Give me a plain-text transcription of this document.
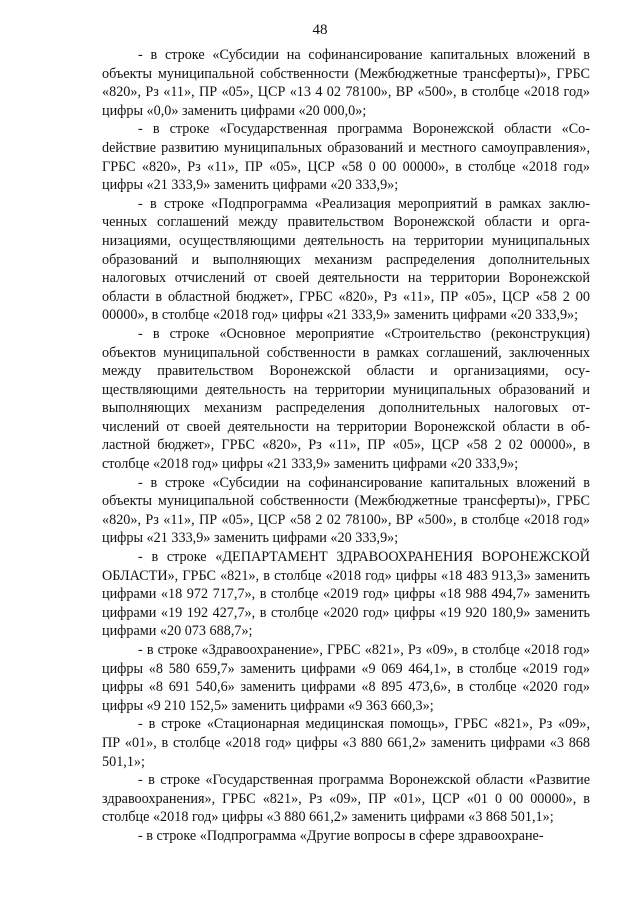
48

- в строке «Субсидии на софинансирование капитальных вложений в объекты муниципальной собственности (Межбюджетные трансферты)», ГРБС «820», Рз «11», ПР «05», ЦСР «13 4 02 78100», ВР «500», в столбце «2018 год» цифры «0,0» заменить цифрами «20 000,0»;

- в строке «Государственная программа Воронежской области «Соdействие развитию муниципальных образований и местного самоуправления», ГРБС «820», Рз «11», ПР «05», ЦСР «58 0 00 00000», в столбце «2018 год» цифры «21 333,9» заменить цифрами «20 333,9»;

- в строке «Подпрограмма «Реализация мероприятий в рамках заключенных соглашений между правительством Воронежской области и организациями, осуществляющими деятельность на территории муниципальных образований и выполняющих механизм распределения дополнительных налоговых отчислений от своей деятельности на территории Воронежской области в областной бюджет», ГРБС «820», Рз «11», ПР «05», ЦСР «58 2 00 00000», в столбце «2018 год» цифры «21 333,9» заменить цифрами «20 333,9»;

- в строке «Основное мероприятие «Строительство (реконструкция) объектов муниципальной собственности в рамках соглашений, заключенных между правительством Воронежской области и организациями, осуществляющими деятельность на территории муниципальных образований и выполняющих механизм распределения дополнительных налоговых отчислений от своей деятельности на территории Воронежской области в областной бюджет», ГРБС «820», Рз «11», ПР «05», ЦСР «58 2 02 00000», в столбце «2018 год» цифры «21 333,9» заменить цифрами «20 333,9»;

- в строке «Субсидии на софинансирование капитальных вложений в объекты муниципальной собственности (Межбюджетные трансферты)», ГРБС «820», Рз «11», ПР «05», ЦСР «58 2 02 78100», ВР «500», в столбце «2018 год» цифры «21 333,9» заменить цифрами «20 333,9»;

- в строке «ДЕПАРТАМЕНТ ЗДРАВООХРАНЕНИЯ ВОРОНЕЖСКОЙ ОБЛАСТИ», ГРБС «821», в столбце «2018 год» цифры «18 483 913,3» заменить цифрами «18 972 717,7», в столбце «2019 год» цифры «18 988 494,7» заменить цифрами «19 192 427,7», в столбце «2020 год» цифры «19 920 180,9» заменить цифрами «20 073 688,7»;

- в строке «Здравоохранение», ГРБС «821», Рз «09», в столбце «2018 год» цифры «8 580 659,7» заменить цифрами «9 069 464,1», в столбце «2019 год» цифры «8 691 540,6» заменить цифрами «8 895 473,6», в столбце «2020 год» цифры «9 210 152,5» заменить цифрами «9 363 660,3»;

- в строке «Стационарная медицинская помощь», ГРБС «821», Рз «09», ПР «01», в столбце «2018 год» цифры «3 880 661,2» заменить цифрами «3 868 501,1»;

- в строке «Государственная программа Воронежской области «Развитие здравоохранения», ГРБС «821», Рз «09», ПР «01», ЦСР «01 0 00 00000», в столбце «2018 год» цифры «3 880 661,2» заменить цифрами «3 868 501,1»;

- в строке «Подпрограмма «Другие вопросы в сфере здравоохране-
